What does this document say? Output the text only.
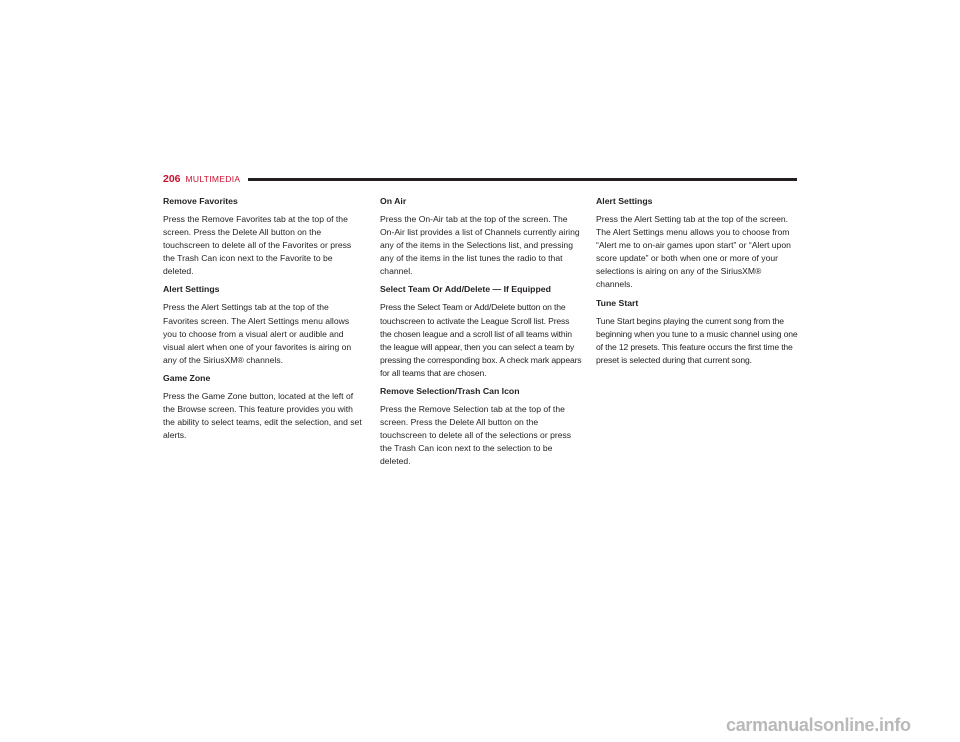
206 MULTIMEDIA
Remove Favorites

Press the Remove Favorites tab at the top of the screen. Press the Delete All button on the touchscreen to delete all of the Favorites or press the Trash Can icon next to the Favorite to be deleted.

Alert Settings

Press the Alert Settings tab at the top of the Favorites screen. The Alert Settings menu allows you to choose from a visual alert or audible and visual alert when one of your favorites is airing on any of the SiriusXM® channels.

Game Zone

Press the Game Zone button, located at the left of the Browse screen. This feature provides you with the ability to select teams, edit the selection, and set alerts.

On Air

Press the On-Air tab at the top of the screen. The On-Air list provides a list of Channels currently airing any of the items in the Selections list, and pressing any of the items in the list tunes the radio to that channel.

Select Team Or Add/Delete — If Equipped

Press the Select Team or Add/Delete button on the touchscreen to activate the League Scroll list. Press the chosen league and a scroll list of all teams within the league will appear, then you can select a team by pressing the corresponding box. A check mark appears for all teams that are chosen.

Remove Selection/Trash Can Icon

Press the Remove Selection tab at the top of the screen. Press the Delete All button on the touchscreen to delete all of the selections or press the Trash Can icon next to the selection to be deleted.

Alert Settings

Press the Alert Setting tab at the top of the screen. The Alert Settings menu allows you to choose from “Alert me to on-air games upon start” or “Alert upon score update” or both when one or more of your selections is airing on any of the SiriusXM® channels.

Tune Start

Tune Start begins playing the current song from the beginning when you tune to a music channel using one of the 12 presets. This feature occurs the first time the preset is selected during that current song.

carmanualsonline.info
